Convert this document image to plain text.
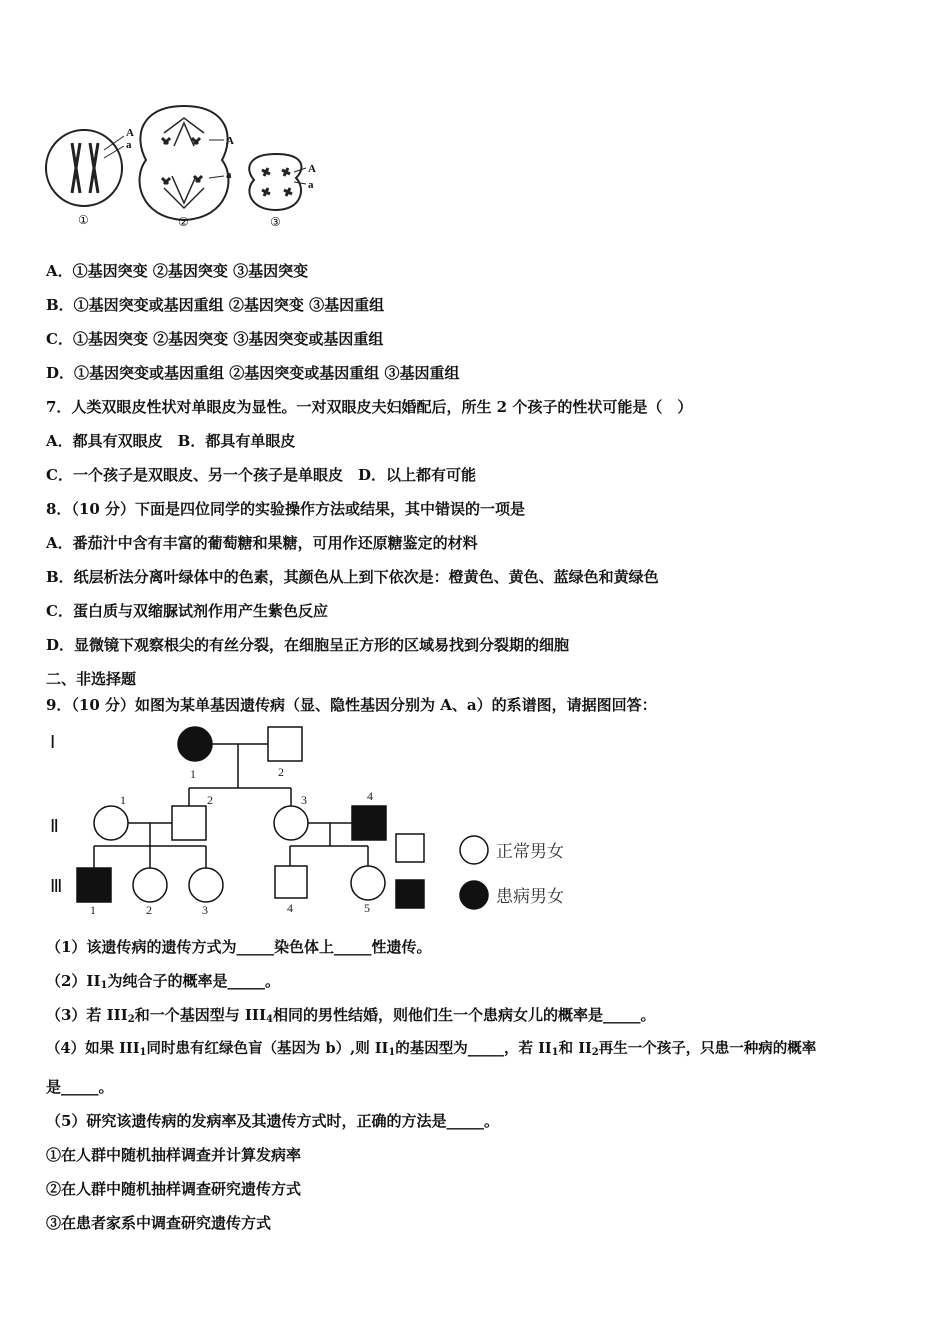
A
a	A
a	A
a
①	②	③
A．①基因突变 ②基因突变 ③基因突变
B．①基因突变或基因重组 ②基因突变 ③基因重组
C．①基因突变 ②基因突变 ③基因突变或基因重组
D．①基因突变或基因重组 ②基因突变或基因重组 ③基因重组
7．人类双眼皮性状对单眼皮为显性。一对双眼皮夫妇婚配后，所生 2 个孩子的性状可能是（　）
A．都具有双眼皮　B．都具有单眼皮
C．一个孩子是双眼皮、另一个孩子是单眼皮　D．以上都有可能
8．（10 分）下面是四位同学的实验操作方法或结果，其中错误的一项是
A．番茄汁中含有丰富的葡萄糖和果糖，可用作还原糖鉴定的材料
B．纸层析法分离叶绿体中的色素，其颜色从上到下依次是：橙黄色、黄色、蓝绿色和黄绿色
C．蛋白质与双缩脲试剂作用产生紫色反应
D．显微镜下观察根尖的有丝分裂，在细胞呈正方形的区域易找到分裂期的细胞
二、非选择题
9．（10 分）如图为某单基因遗传病（显、隐性基因分别为 A、a）的系谱图，请据图回答：
Ⅰ
Ⅱ
Ⅲ
1	2
1	2	3	4
1	2	3	4	5
正常男女
患病男女
（1）该遗传病的遗传方式为_____染色体上_____性遗传。
$(2)II_1$为纯合子的概率是_____。
（3）若 $III_2$和一个基因型与 $III_4$相同的男性结婚，则他们生一个患病女儿的概率是_____。
（4）如果 $III_1$同时患有红绿色盲（基因为 b）,则 $II_1$的基因型为_____，若 $II_1$和 $II_2$再生一个孩子，只患一种病的概率
是_____。
（5）研究该遗传病的发病率及其遗传方式时，正确的方法是_____。
①在人群中随机抽样调查并计算发病率
②在人群中随机抽样调查研究遗传方式
③在患者家系中调查研究遗传方式
